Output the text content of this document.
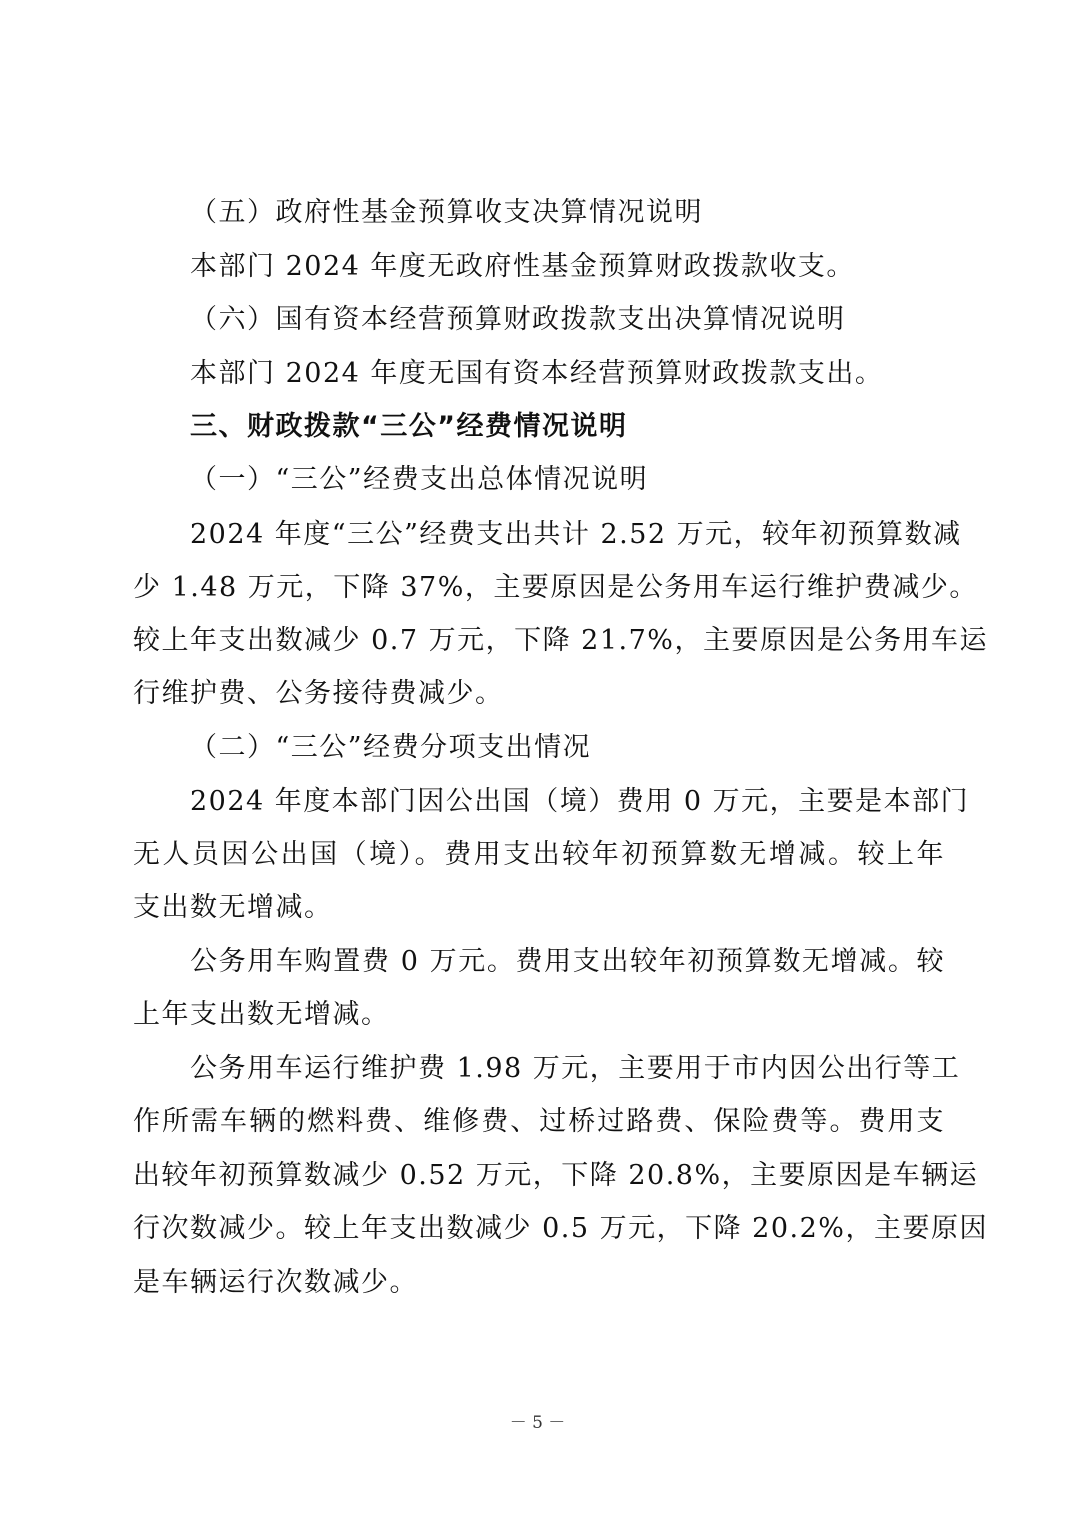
（五）政府性基金预算收支决算情况说明
本部门 2024 年度无政府性基金预算财政拨款收支。
（六）国有资本经营预算财政拨款支出决算情况说明
本部门 2024 年度无国有资本经营预算财政拨款支出。
三、财政拨款“三公”经费情况说明
（一）“三公”经费支出总体情况说明
2024 年度“三公”经费支出共计 2.52 万元，较年初预算数减
少 1.48 万元，下降 37%，主要原因是公务用车运行维护费减少。
较上年支出数减少 0.7 万元，下降 21.7%，主要原因是公务用车运
行维护费、公务接待费减少。
（二）“三公”经费分项支出情况
2024 年度本部门因公出国（境）费用 0 万元，主要是本部门
无人员因公出国（境）。费用支出较年初预算数无增减。较上年
支出数无增减。
公务用车购置费 0 万元。费用支出较年初预算数无增减。较
上年支出数无增减。
公务用车运行维护费 1.98 万元，主要用于市内因公出行等工
作所需车辆的燃料费、维修费、过桥过路费、保险费等。费用支
出较年初预算数减少 0.52 万元，下降 20.8%，主要原因是车辆运
行次数减少。较上年支出数减少 0.5 万元，下降 20.2%，主要原因
是车辆运行次数减少。
－ 5 －
